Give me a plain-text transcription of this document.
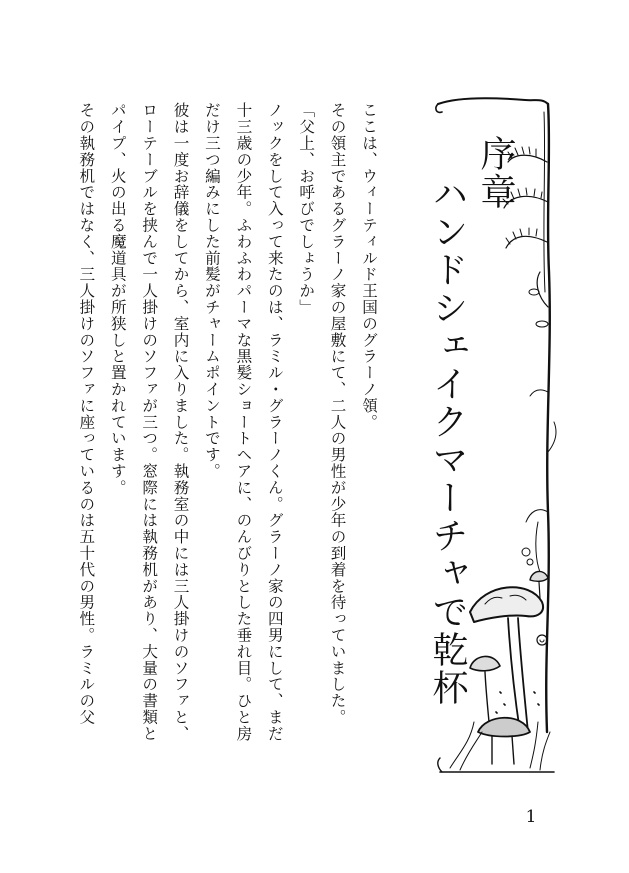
序章
ハンドシェイクマーチャで乾杯

ここは、ウィーティルド王国のグラーノ領。

その領主であるグラーノ家の屋敷にて、二人の男性が少年の到着を待っていました。

「父上、お呼びでしょうか」

ノックをして入って来たのは、ラミル・グラーノくん。グラーノ家の四男にして、まだ十三歳の少年。ふわふわパーマな黒髪ショートヘアに、のんびりとした垂れ目。ひと房だけ三つ編みにした前髪がチャームポイントです。

彼は一度お辞儀をしてから、室内に入りました。執務室の中には三人掛けのソファと、ローテーブルを挟んで一人掛けのソファが三つ。窓際には執務机があり、大量の書類とパイプ、火の出る魔道具が所狭しと置かれています。

その執務机ではなく、三人掛けのソファに座っているのは五十代の男性。ラミルの父

1
